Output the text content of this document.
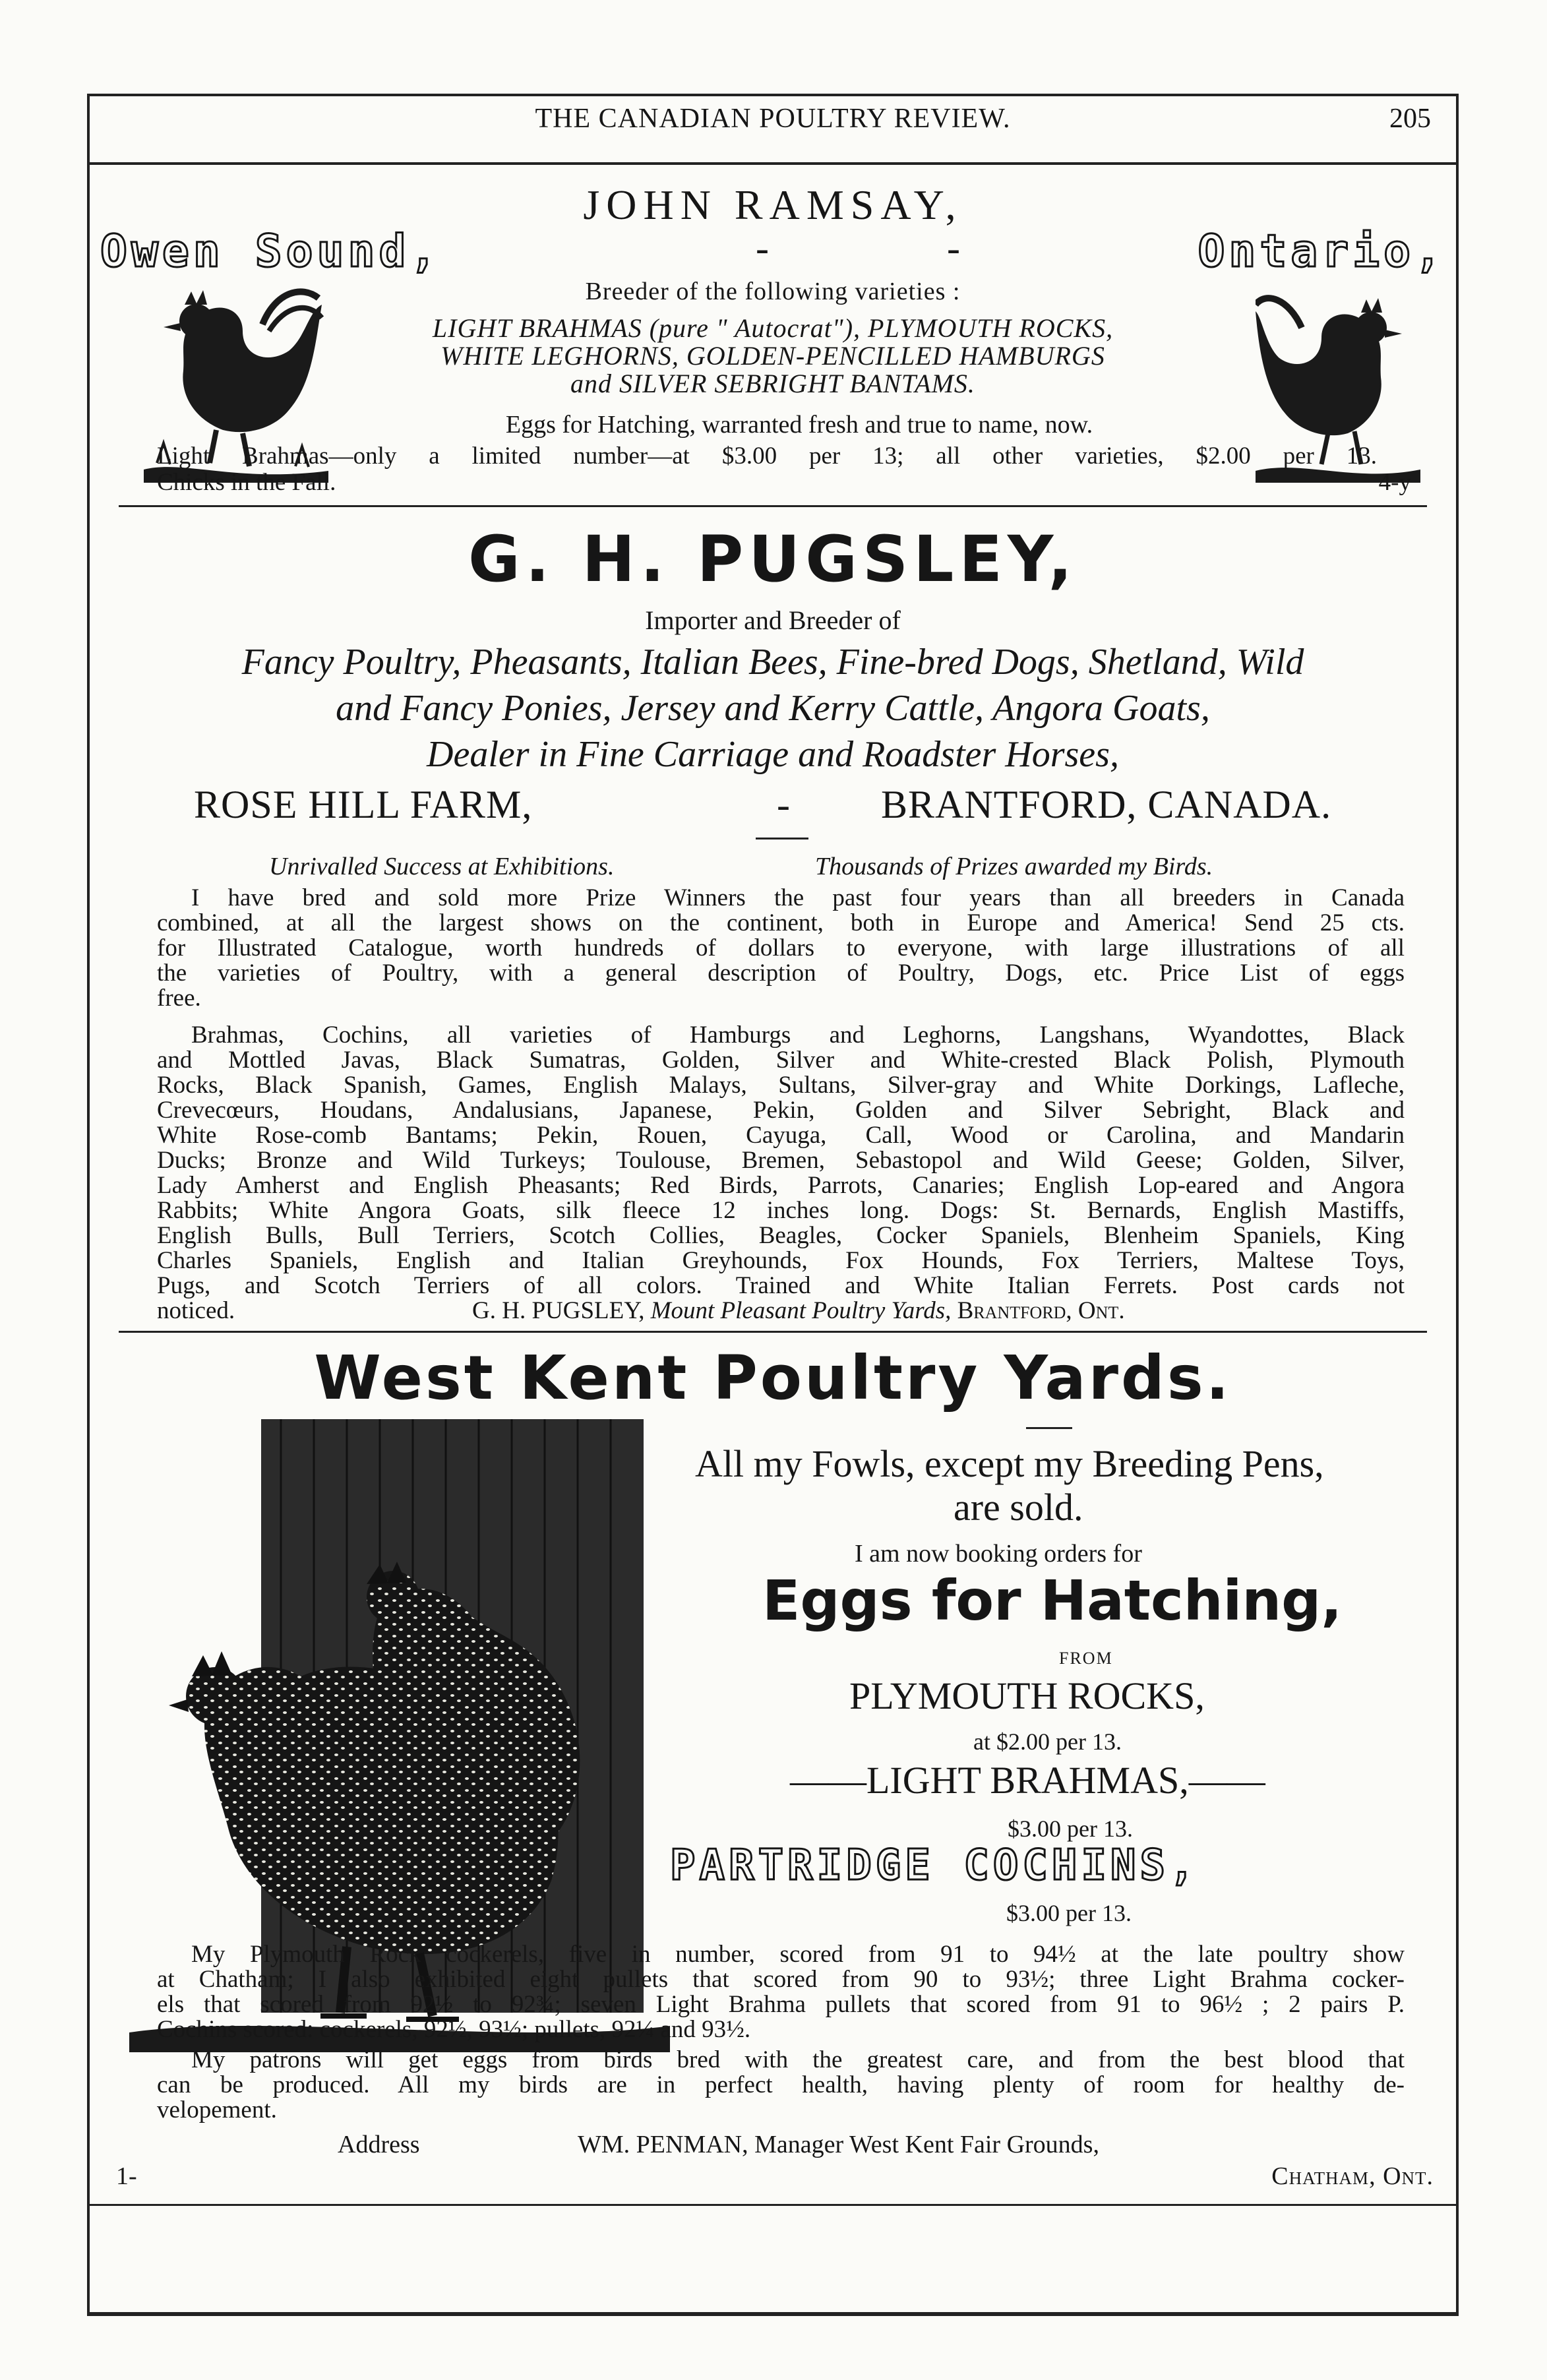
THE CANADIAN POULTRY REVIEW.	205
JOHN RAMSAY,
Owen Sound,	-	-	Ontario,
Breeder of the following varieties :
LIGHT BRAHMAS (pure " Autocrat"), PLYMOUTH ROCKS,
WHITE LEGHORNS, GOLDEN-PENCILLED HAMBURGS
and SILVER SEBRIGHT BANTAMS.
Eggs for Hatching, warranted fresh and true to name, now.
Light Brahmas—only a limited number—at $3.00 per 13; all other varieties, $2.00 per 13.
Chicks in the Fall.	4-y
G. H. PUGSLEY,
Importer and Breeder of
Fancy Poultry, Pheasants, Italian Bees, Fine-bred Dogs, Shetland, Wild
and Fancy Ponies, Jersey and Kerry Cattle, Angora Goats,
Dealer in Fine Carriage and Roadster Horses,
ROSE HILL FARM,	- BRANTFORD, CANADA.
Unrivalled Success at Exhibitions.	Thousands of Prizes awarded my Birds.
I have bred and sold more Prize Winners the past four years than all breeders in Canada
combined, at all the largest shows on the continent, both in Europe and America! Send 25 cts.
for Illustrated Catalogue, worth hundreds of dollars to everyone, with large illustrations of all
the varieties of Poultry, with a general description of Poultry, Dogs, etc. Price List of eggs
free.
Brahmas, Cochins, all varieties of Hamburgs and Leghorns, Langshans, Wyandottes, Black
and Mottled Javas, Black Sumatras, Golden, Silver and White-crested Black Polish, Plymouth
Rocks, Black Spanish, Games, English Malays, Sultans, Silver-gray and White Dorkings, Lafleche,
Crevecœurs, Houdans, Andalusians, Japanese, Pekin, Golden and Silver Sebright, Black and
White Rose-comb Bantams; Pekin, Rouen, Cayuga, Call, Wood or Carolina, and Mandarin
Ducks; Bronze and Wild Turkeys; Toulouse, Bremen, Sebastopol and Wild Geese; Golden, Silver,
Lady Amherst and English Pheasants; Red Birds, Parrots, Canaries; English Lop-eared and Angora
Rabbits; White Angora Goats, silk fleece 12 inches long. Dogs: St. Bernards, English Mastiffs,
English Bulls, Bull Terriers, Scotch Collies, Beagles, Cocker Spaniels, Blenheim Spaniels, King
Charles Spaniels, English and Italian Greyhounds, Fox Hounds, Fox Terriers, Maltese Toys,
Pugs, and Scotch Terriers of all colors. Trained and White Italian Ferrets. Post cards not
noticed.	G. H. PUGSLEY, Mount Pleasant Poultry Yards, Brantford, Ont.
West Kent Poultry Yards.
All my Fowls, except my Breeding Pens,
are sold.
I am now booking orders for
Eggs for Hatching,
FROM
PLYMOUTH ROCKS,
at $2.00 per 13.
——LIGHT BRAHMAS,——
$3.00 per 13.
PARTRIDGE COCHINS,
$3.00 per 13.
My Plymouth Rock cockerels, five in number, scored from 91 to 94½ at the late poultry show
at Chatham; I also exhibited eight pullets that scored from 90 to 93½; three Light Brahma cocker-
els that scored from 92½ to 92¾; seven Light Brahma pullets that scored from 91 to 96½ ; 2 pairs P.
Cochins scored: cockerels, 92½, 93½; pullets, 92¼ and 93½.
My patrons will get eggs from birds bred with the greatest care, and from the best blood that
can be produced. All my birds are in perfect health, having plenty of room for healthy de-
velopement.
Address	WM. PENMAN, Manager West Kent Fair Grounds,
1-	Chatham, Ont.
